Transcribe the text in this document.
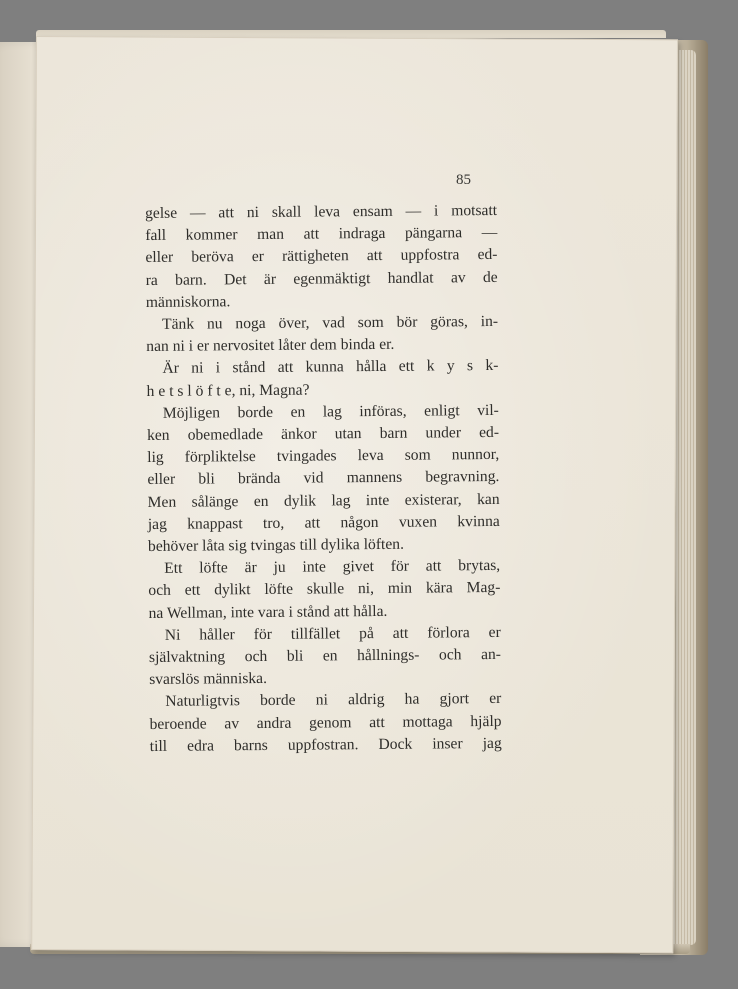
85
gelse — att ni skall leva ensam — i motsatt
fall kommer man att indraga pängarna —
eller beröva er rättigheten att uppfostra ed-
ra barn. Det är egenmäktigt handlat av de
människorna.
Tänk nu noga över, vad som bör göras, in-
nan ni i er nervositet låter dem binda er.
Är ni i stånd att kunna hålla ett k y s k-
h e t s l ö f t e, ni, Magna?
Möjligen borde en lag införas, enligt vil-
ken obemedlade änkor utan barn under ed-
lig förpliktelse tvingades leva som nunnor,
eller bli brända vid mannens begravning.
Men sålänge en dylik lag inte existerar, kan
jag knappast tro, att någon vuxen kvinna
behöver låta sig tvingas till dylika löften.
Ett löfte är ju inte givet för att brytas,
och ett dylikt löfte skulle ni, min kära Mag-
na Wellman, inte vara i stånd att hålla.
Ni håller för tillfället på att förlora er
självaktning och bli en hållnings- och an-
svarslös människa.
Naturligtvis borde ni aldrig ha gjort er
beroende av andra genom att mottaga hjälp
till edra barns uppfostran. Dock inser jag
